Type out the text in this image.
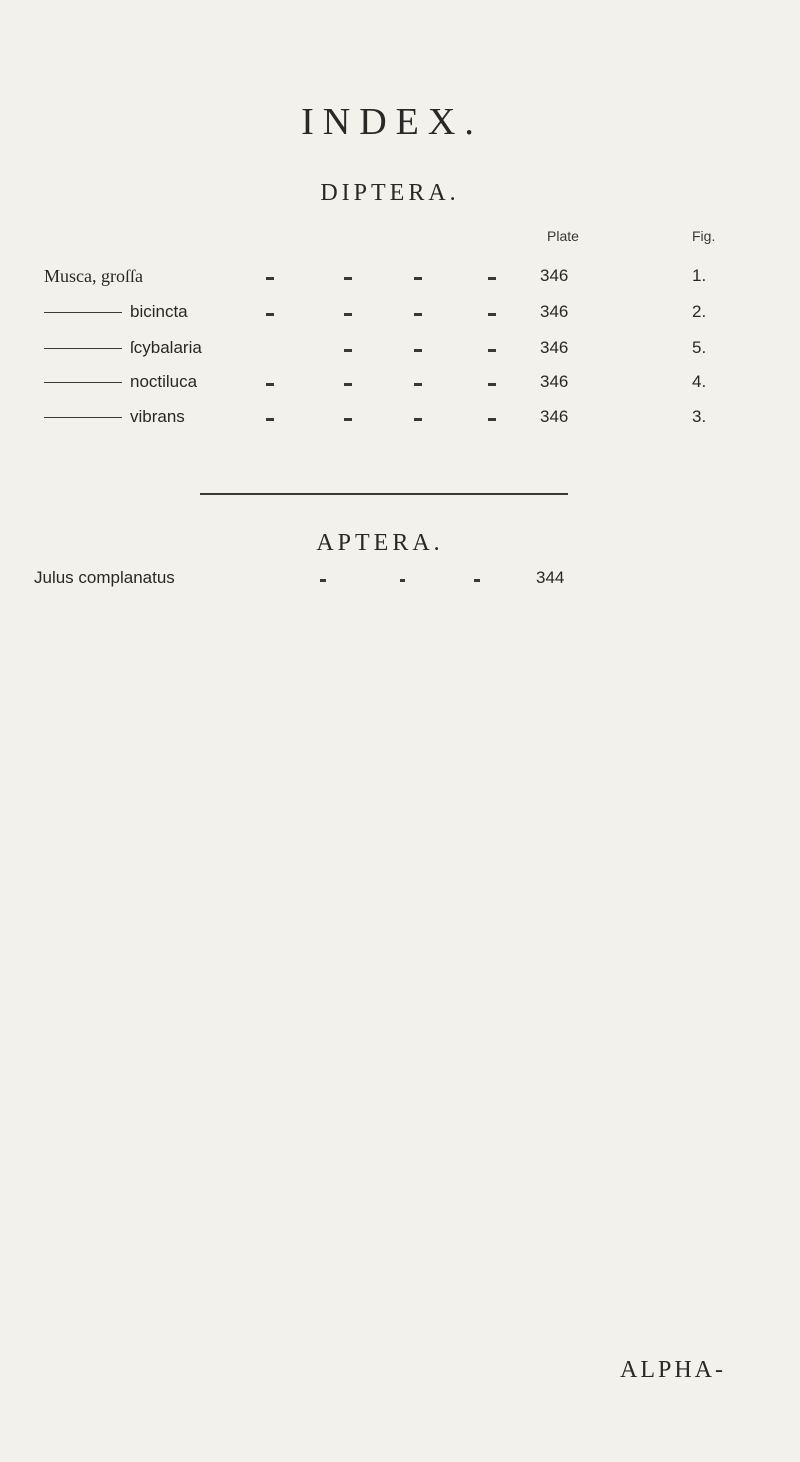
INDEX.
DIPTERA.
Plate	Fig.
Musca, groſſa	346	1.
bicincta	346	2.
ſcybalaria	346	5.
noctiluca	346	4.
vibrans	346	3.
APTERA.
Julus complanatus	344
ALPHA-
